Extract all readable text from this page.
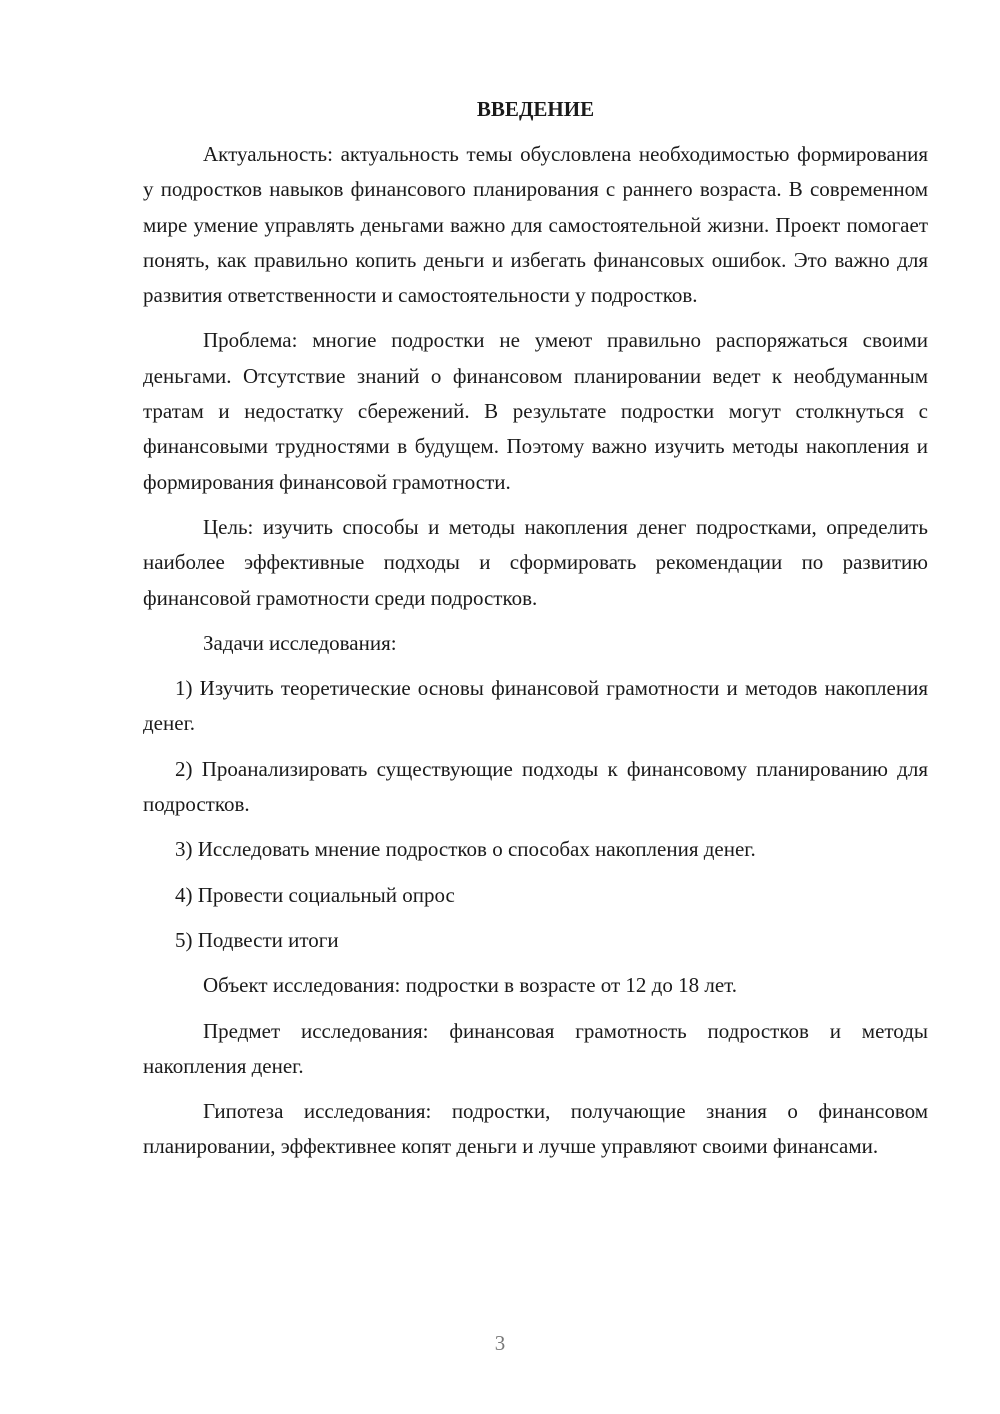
ВВЕДЕНИЕ

Актуальность: актуальность темы обусловлена необходимостью формирования у подростков навыков финансового планирования с раннего возраста. В современном мире умение управлять деньгами важно для самостоятельной жизни. Проект помогает понять, как правильно копить деньги и избегать финансовых ошибок. Это важно для развития ответственности и самостоятельности у подростков.

Проблема: многие подростки не умеют правильно распоряжаться своими деньгами. Отсутствие знаний о финансовом планировании ведет к необдуманным тратам и недостатку сбережений. В результате подростки могут столкнуться с финансовыми трудностями в будущем. Поэтому важно изучить методы накопления и формирования финансовой грамотности.

Цель: изучить способы и методы накопления денег подростками, определить наиболее эффективные подходы и сформировать рекомендации по развитию финансовой грамотности среди подростков.

Задачи исследования:

1) Изучить теоретические основы финансовой грамотности и методов накопления денег.

2) Проанализировать существующие подходы к финансовому планированию для подростков.

3) Исследовать мнение подростков о способах накопления денег.

4) Провести социальный опрос

5) Подвести итоги

Объект исследования: подростки в возрасте от 12 до 18 лет.

Предмет исследования: финансовая грамотность подростков и методы накопления денег.

Гипотеза исследования: подростки, получающие знания о финансовом планировании, эффективнее копят деньги и лучше управляют своими финансами.

3
